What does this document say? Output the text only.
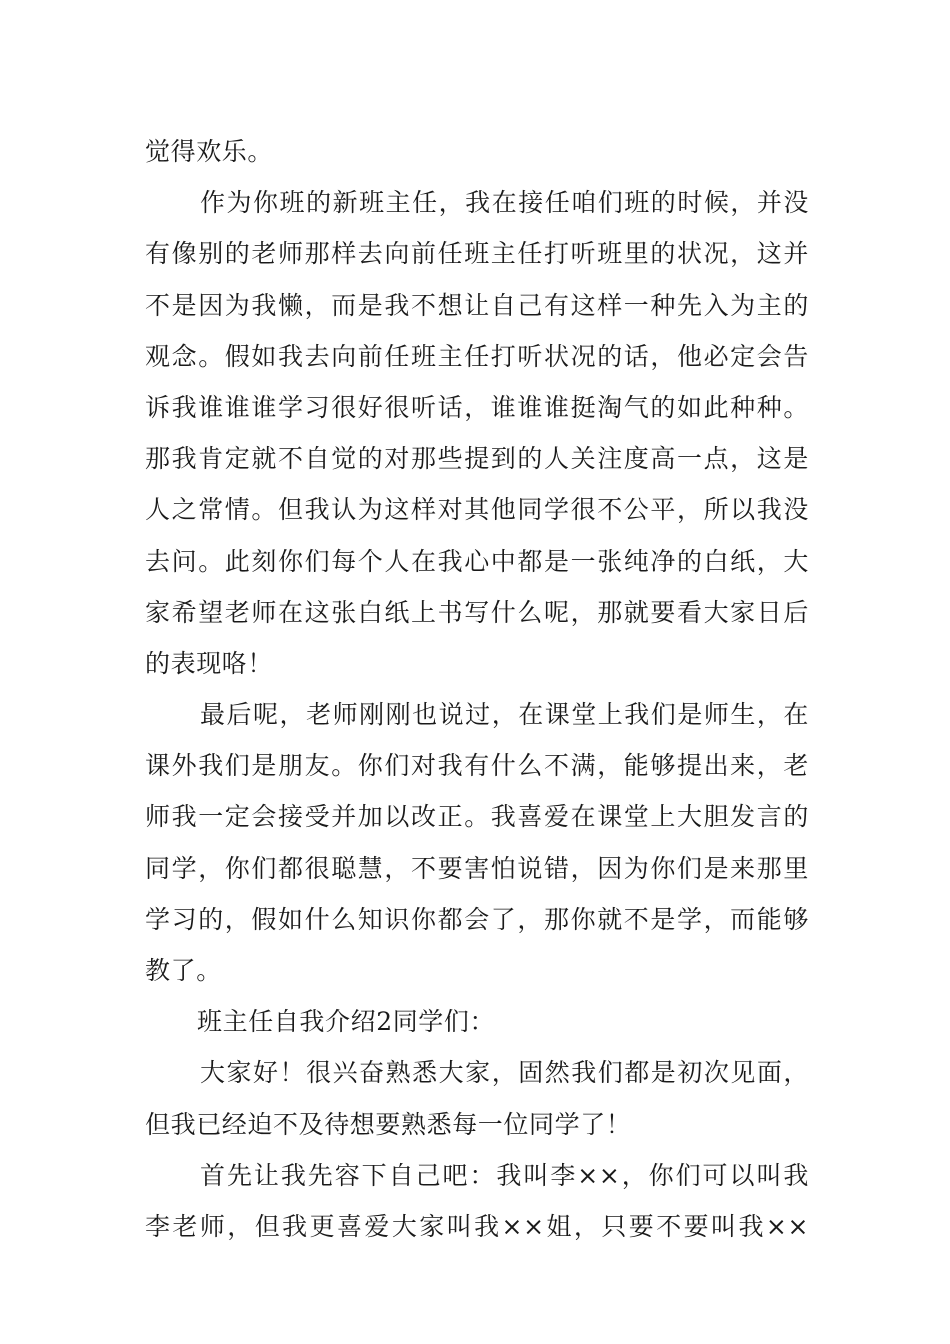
觉得欢乐。
作为你班的新班主任，我在接任咱们班的时候，并没
有像别的老师那样去向前任班主任打听班里的状况，这并
不是因为我懒，而是我不想让自己有这样一种先入为主的
观念。假如我去向前任班主任打听状况的话，他必定会告
诉我谁谁谁学习很好很听话，谁谁谁挺淘气的如此种种。
那我肯定就不自觉的对那些提到的人关注度高一点，这是
人之常情。但我认为这样对其他同学很不公平，所以我没
去问。此刻你们每个人在我心中都是一张纯净的白纸，大
家希望老师在这张白纸上书写什么呢，那就要看大家日后
的表现咯！
最后呢，老师刚刚也说过，在课堂上我们是师生，在
课外我们是朋友。你们对我有什么不满，能够提出来，老
师我一定会接受并加以改正。我喜爱在课堂上大胆发言的
同学，你们都很聪慧，不要害怕说错，因为你们是来那里
学习的，假如什么知识你都会了，那你就不是学，而能够
教了。
班主任自我介绍2同学们：
大家好！很兴奋熟悉大家，固然我们都是初次见面，
但我已经迫不及待想要熟悉每一位同学了！
首先让我先容下自己吧：我叫李××，你们可以叫我
李老师，但我更喜爱大家叫我××姐，只要不要叫我××
